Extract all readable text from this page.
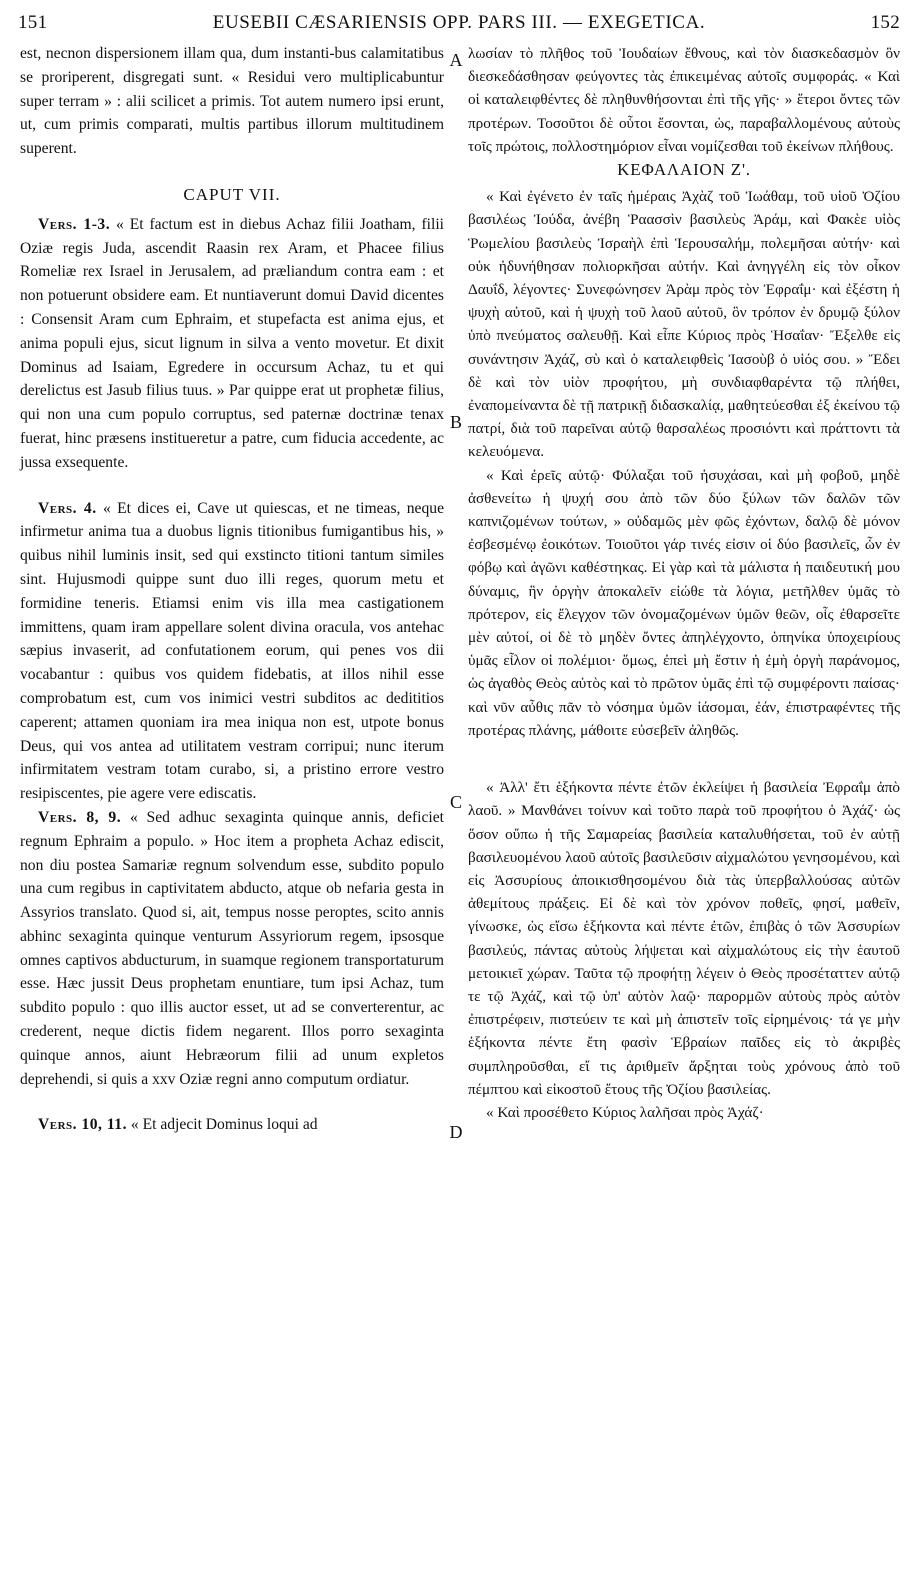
151	EUSEBII CÆSARIENSIS OPP. PARS III. — EXEGETICA.	152
A
B
C
D

est, necnon dispersionem illam qua, dum instanti-bus calamitatibus se proriperent, disgregati sunt. « Residui vero multiplicabuntur super terram » : alii scilicet a primis. Tot autem numero ipsi erunt, ut, cum primis comparati, multis partibus illorum multitudinem superent.

CAPUT VII.

Vers. 1-3. « Et factum est in diebus Achaz filii Joatham, filii Oziæ regis Juda, ascendit Raasin rex Aram, et Phacee filius Romeliæ rex Israel in Jerusalem, ad præliandum contra eam : et non potuerunt obsidere eam. Et nuntiaverunt domui David dicentes : Consensit Aram cum Ephraim, et stupefacta est anima ejus, et anima populi ejus, sicut lignum in silva a vento movetur. Et dixit Dominus ad Isaiam, Egredere in occursum Achaz, tu et qui derelictus est Jasub filius tuus. » Par quippe erat ut prophetæ filius, qui non una cum populo corruptus, sed paternæ doctrinæ tenax fuerat, hinc præsens institueretur a patre, cum fiducia accedente, ac jussa exsequente.

Vers. 4. « Et dices ei, Cave ut quiescas, et ne timeas, neque infirmetur anima tua a duobus lignis titionibus fumigantibus his, » quibus nihil luminis insit, sed qui exstincto titioni tantum similes sint. Hujusmodi quippe sunt duo illi reges, quorum metu et formidine teneris. Etiamsi enim vis illa mea castigationem immittens, quam iram appellare solent divina oracula, vos antehac sæpius invaserit, ad confutationem eorum, qui penes vos dii vocabantur : quibus vos quidem fidebatis, at illos nihil esse comprobatum est, cum vos inimici vestri subditos ac dedititios caperent; attamen quoniam ira mea iniqua non est, utpote bonus Deus, qui vos antea ad utilitatem vestram corripui; nunc iterum infirmitatem vestram totam curabo, si, a pristino errore vestro resipiscentes, pie agere vere ediscatis.

Vers. 8, 9. « Sed adhuc sexaginta quinque annis, deficiet regnum Ephraim a populo. » Hoc item a propheta Achaz ediscit, non diu postea Samariæ regnum solvendum esse, subdito populo una cum regibus in captivitatem abducto, atque ob nefaria gesta in Assyrios translato. Quod si, ait, tempus nosse peroptes, scito annis abhinc sexaginta quinque venturum Assyriorum regem, ipsosque omnes captivos abducturum, in suamque regionem transportaturum esse. Hæc jussit Deus prophetam enuntiare, tum ipsi Achaz, tum subdito populo : quo illis auctor esset, ut ad se converterentur, ac crederent, neque dictis fidem negarent. Illos porro sexaginta quinque annos, aiunt Hebræorum filii ad unum expletos deprehendi, si quis a xxv Oziæ regni anno computum ordiatur.

Vers. 10, 11. « Et adjecit Dominus loqui ad

λωσίαν τὸ πλῆθος τοῦ Ἰουδαίων ἔθνους, καὶ τὸν διασκεδασμὸν ὃν διεσκεδάσθησαν φεύγοντες τὰς ἐπικειμένας αὐτοῖς συμφοράς. « Καὶ οἱ καταλειφθέντες δὲ πληθυνθήσονται ἐπὶ τῆς γῆς· » ἕτεροι ὄντες τῶν προτέρων. Τοσοῦτοι δὲ οὗτοι ἔσονται, ὡς, παραβαλλομένους αὐτοὺς τοῖς πρώτοις, πολλοστημόριον εἶναι νομίζεσθαι τοῦ ἐκείνων πλήθους.

ΚΕΦΑΛΑΙΟΝ Ζ'.

« Καὶ ἐγένετο ἐν ταῖς ἡμέραις Ἀχὰζ τοῦ Ἰωάθαμ, τοῦ υἱοῦ Ὀζίου βασιλέως Ἰούδα, ἀνέβη Ῥαασσὶν βασιλεὺς Ἀράμ, καὶ Φακὲε υἱὸς Ῥωμελίου βασιλεὺς Ἰσραὴλ ἐπὶ Ἱερουσαλήμ, πολεμῆσαι αὐτήν· καὶ οὐκ ἠδυνήθησαν πολιορκῆσαι αὐτήν. Καὶ ἀνηγγέλη εἰς τὸν οἶκον Δαυΐδ, λέγοντες· Συνεφώνησεν Ἀρὰμ πρὸς τὸν Ἐφραΐμ· καὶ ἐξέστη ἡ ψυχὴ αὐτοῦ, καὶ ἡ ψυχὴ τοῦ λαοῦ αὐτοῦ, ὃν τρόπον ἐν δρυμῷ ξύλον ὑπὸ πνεύματος σαλευθῇ. Καὶ εἶπε Κύριος πρὸς Ἡσαΐαν· Ἔξελθε εἰς συνάντησιν Ἀχάζ, σὺ καὶ ὁ καταλειφθεὶς Ἰασοὺβ ὁ υἱός σου. » Ἔδει δὲ καὶ τὸν υἱὸν προφήτου, μὴ συνδιαφθαρέντα τῷ πλήθει, ἐναπομείναντα δὲ τῇ πατρικῇ διδασκαλίᾳ, μαθητεύεσθαι ἐξ ἐκείνου τῷ πατρί, διὰ τοῦ παρεῖναι αὐτῷ θαρσαλέως προσιόντι καὶ πράττοντι τὰ κελευόμενα.

« Καὶ ἐρεῖς αὐτῷ· Φύλαξαι τοῦ ἡσυχάσαι, καὶ μὴ φοβοῦ, μηδὲ ἀσθενείτω ἡ ψυχή σου ἀπὸ τῶν δύο ξύλων τῶν δαλῶν τῶν καπνιζομένων τούτων, » οὐδαμῶς μὲν φῶς ἐχόντων, δαλῷ δὲ μόνον ἐσβεσμένῳ ἐοικότων. Τοιοῦτοι γάρ τινές εἰσιν οἱ δύο βασιλεῖς, ὧν ἐν φόβῳ καὶ ἀγῶνι καθέστηκας. Εἰ γὰρ καὶ τὰ μάλιστα ἡ παιδευτική μου δύναμις, ἣν ὀργὴν ἀποκαλεῖν εἰώθε τὰ λόγια, μετῆλθεν ὑμᾶς τὸ πρότερον, εἰς ἔλεγχον τῶν ὀνομαζομένων ὑμῶν θεῶν, οἷς ἐθαρσεῖτε μὲν αὐτοί, οἱ δὲ τὸ μηδὲν ὄντες ἀπηλέγχοντο, ὁπηνίκα ὑποχειρίους ὑμᾶς εἶλον οἱ πολέμιοι· ὅμως, ἐπεὶ μὴ ἔστιν ἡ ἐμὴ ὀργὴ παράνομος, ὡς ἀγαθὸς Θεὸς αὐτὸς καὶ τὸ πρῶτον ὑμᾶς ἐπὶ τῷ συμφέροντι παίσας· καὶ νῦν αὖθις πᾶν τὸ νόσημα ὑμῶν ἰάσομαι, ἐάν, ἐπιστραφέντες τῆς προτέρας πλάνης, μάθοιτε εὐσεβεῖν ἀληθῶς.

« Ἀλλ' ἔτι ἑξήκοντα πέντε ἐτῶν ἐκλείψει ἡ βασιλεία Ἐφραΐμ ἀπὸ λαοῦ. » Μανθάνει τοίνυν καὶ τοῦτο παρὰ τοῦ προφήτου ὁ Ἀχάζ· ὡς ὅσον οὔπω ἡ τῆς Σαμαρείας βασιλεία καταλυθήσεται, τοῦ ἐν αὐτῇ βασιλευομένου λαοῦ αὐτοῖς βασιλεῦσιν αἰχμαλώτου γενησομένου, καὶ εἰς Ἀσσυρίους ἀποικισθησομένου διὰ τὰς ὑπερβαλλούσας αὐτῶν ἀθεμίτους πράξεις. Εἰ δὲ καὶ τὸν χρόνον ποθεῖς, φησί, μαθεῖν, γίνωσκε, ὡς εἴσω ἑξήκοντα καὶ πέντε ἐτῶν, ἐπιβὰς ὁ τῶν Ἀσσυρίων βασιλεύς, πάντας αὐτοὺς λήψεται καὶ αἰχμαλώτους εἰς τὴν ἑαυτοῦ μετοικιεῖ χώραν. Ταῦτα τῷ προφήτῃ λέγειν ὁ Θεὸς προσέταττεν αὐτῷ τε τῷ Ἀχάζ, καὶ τῷ ὑπ' αὐτὸν λαῷ· παρορμῶν αὐτοὺς πρὸς αὐτὸν ἐπιστρέφειν, πιστεύειν τε καὶ μὴ ἀπιστεῖν τοῖς εἰρημένοις· τά γε μὴν ἑξήκοντα πέντε ἔτη φασὶν Ἑβραίων παῖδες εἰς τὸ ἀκριβὲς συμπληροῦσθαι, εἴ τις ἀριθμεῖν ἄρξηται τοὺς χρόνους ἀπὸ τοῦ πέμπτου καὶ εἰκοστοῦ ἔτους τῆς Ὀζίου βασιλείας.

« Καὶ προσέθετο Κύριος λαλῆσαι πρὸς Ἀχάζ·
